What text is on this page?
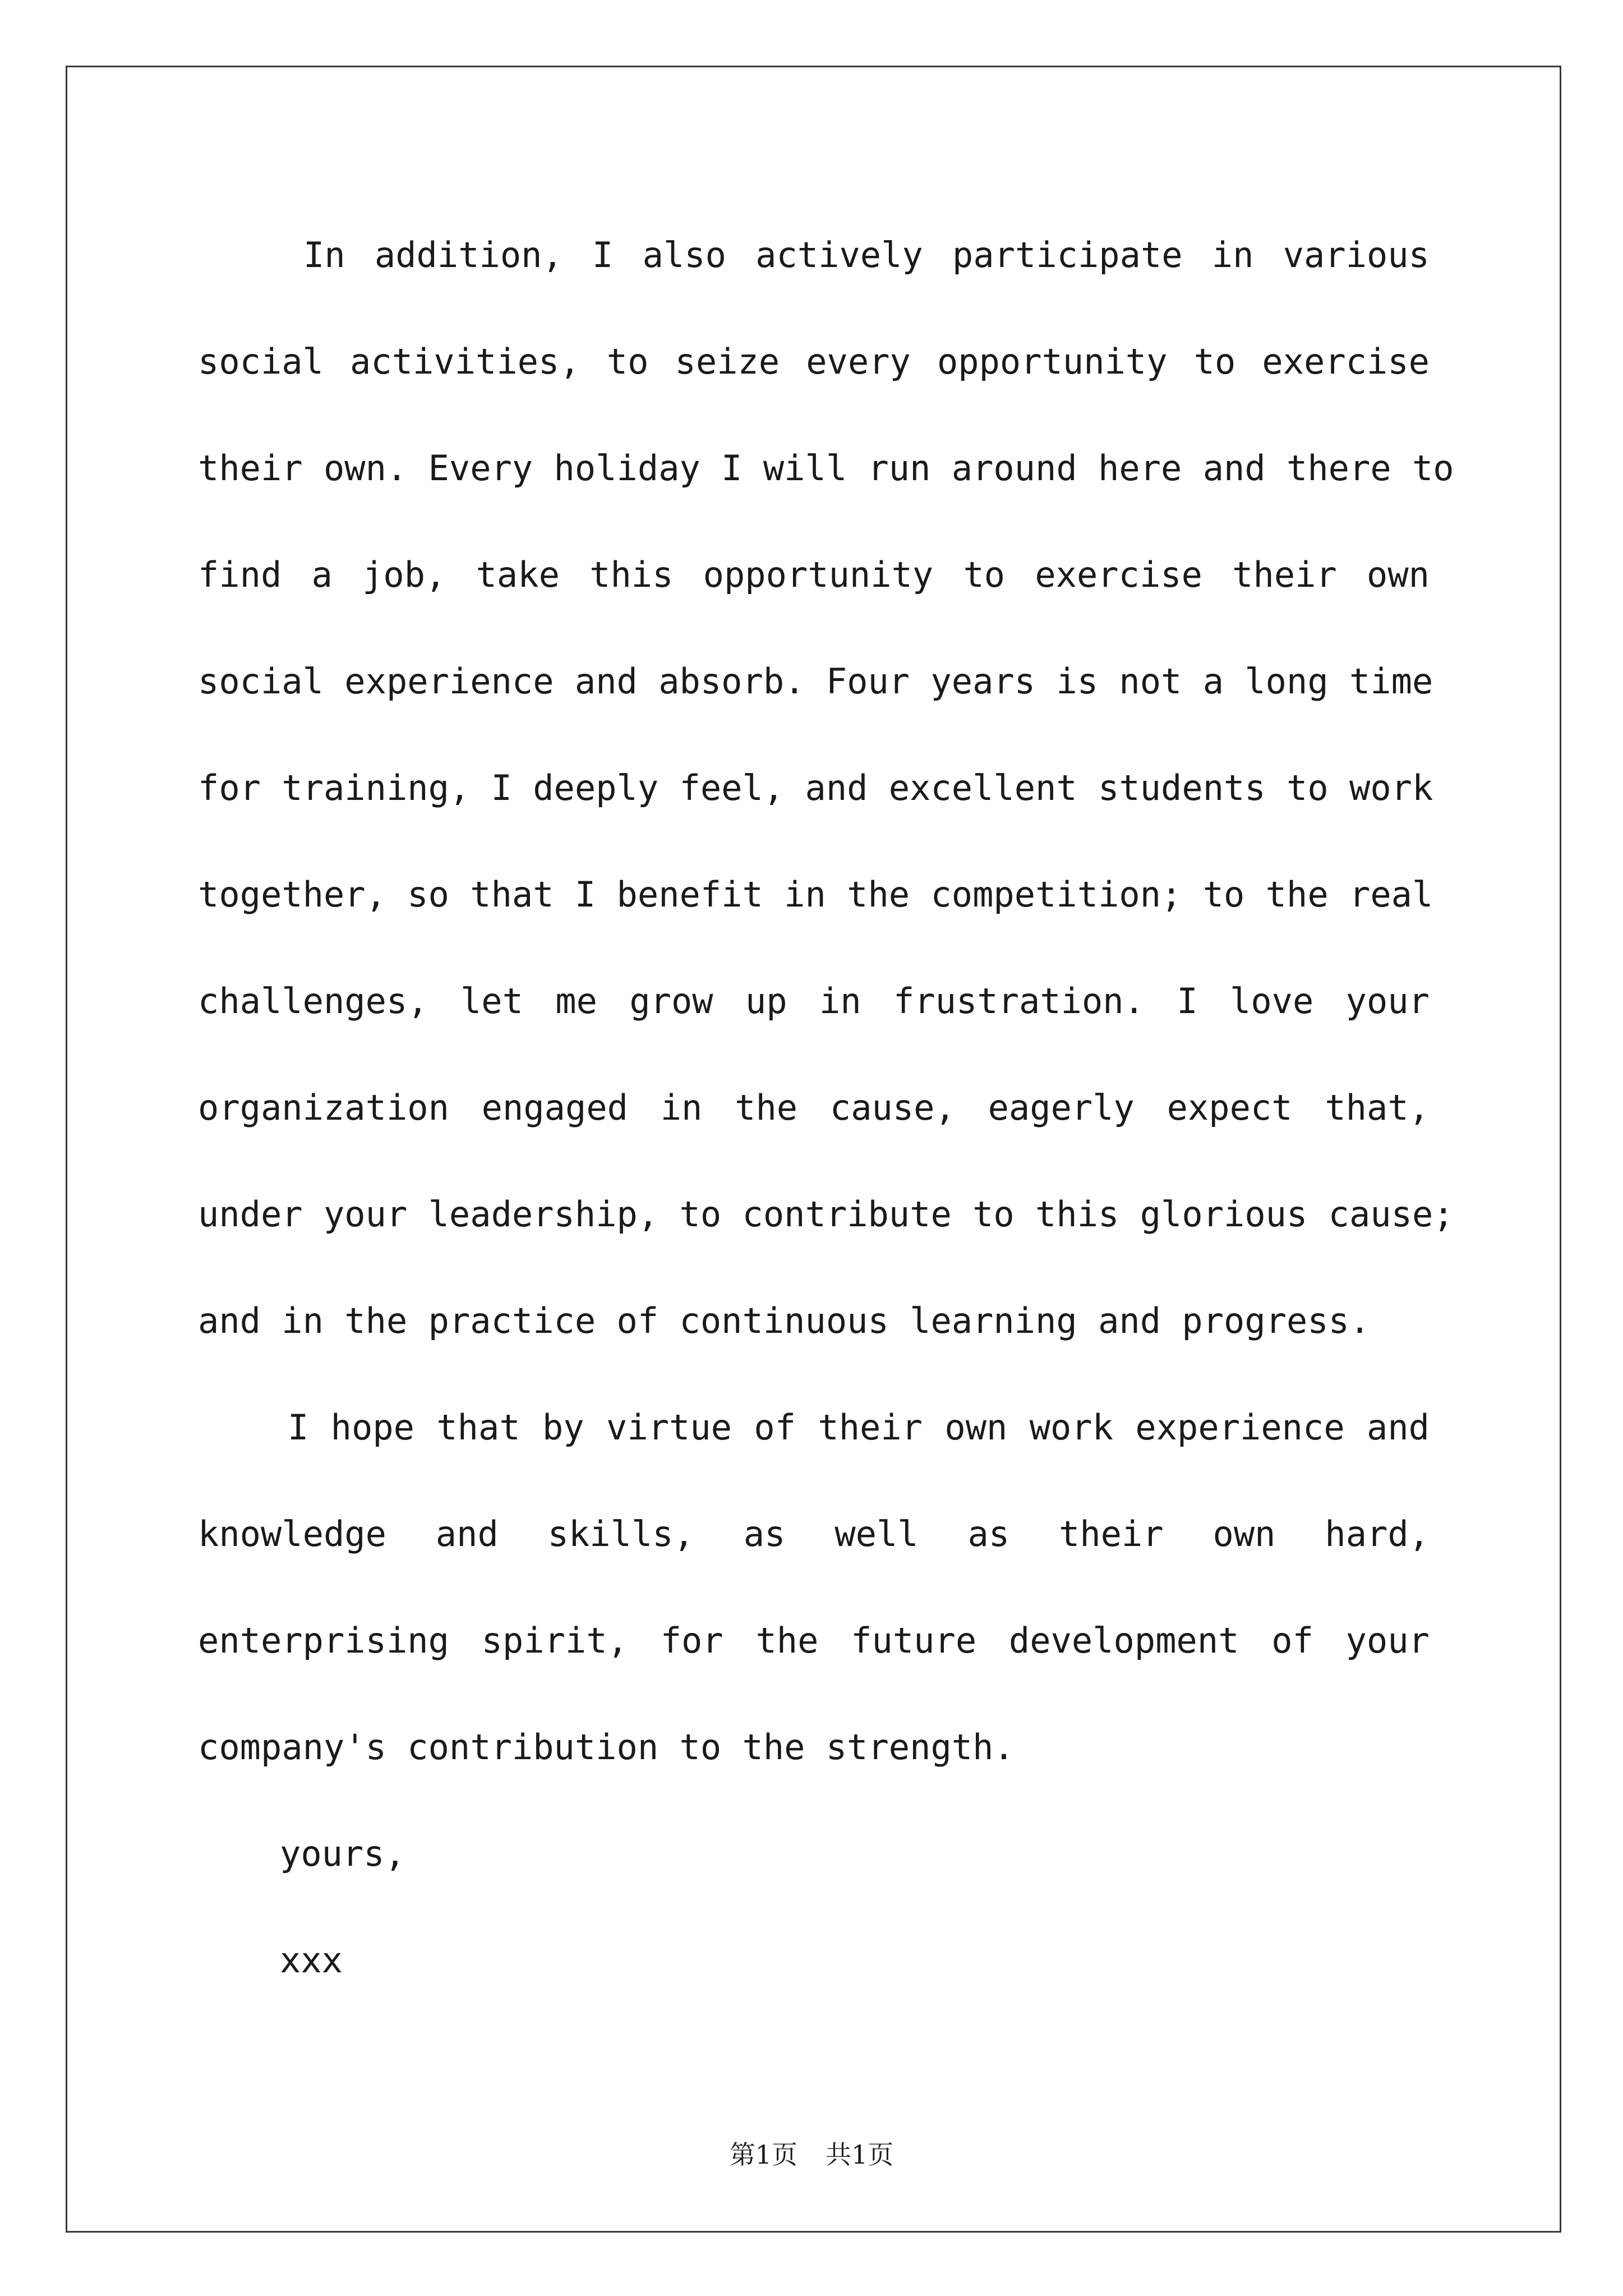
In addition, I also actively participate in various
social activities, to seize every opportunity to exercise
their own. Every holiday I will run around here and there to
find a job, take this opportunity to exercise their own
social experience and absorb. Four years is not a long time
for training, I deeply feel, and excellent students to work
together, so that I benefit in the competition; to the real
challenges, let me grow up in frustration. I love your
organization engaged in the cause, eagerly expect that,
under your leadership, to contribute to this glorious cause;
and in the practice of continuous learning and progress.
I hope that by virtue of their own work experience and
knowledge and skills, as well as their own hard,
enterprising spirit, for the future development of your
company's contribution to the strength.
yours,
xxx
第1页 共1页
